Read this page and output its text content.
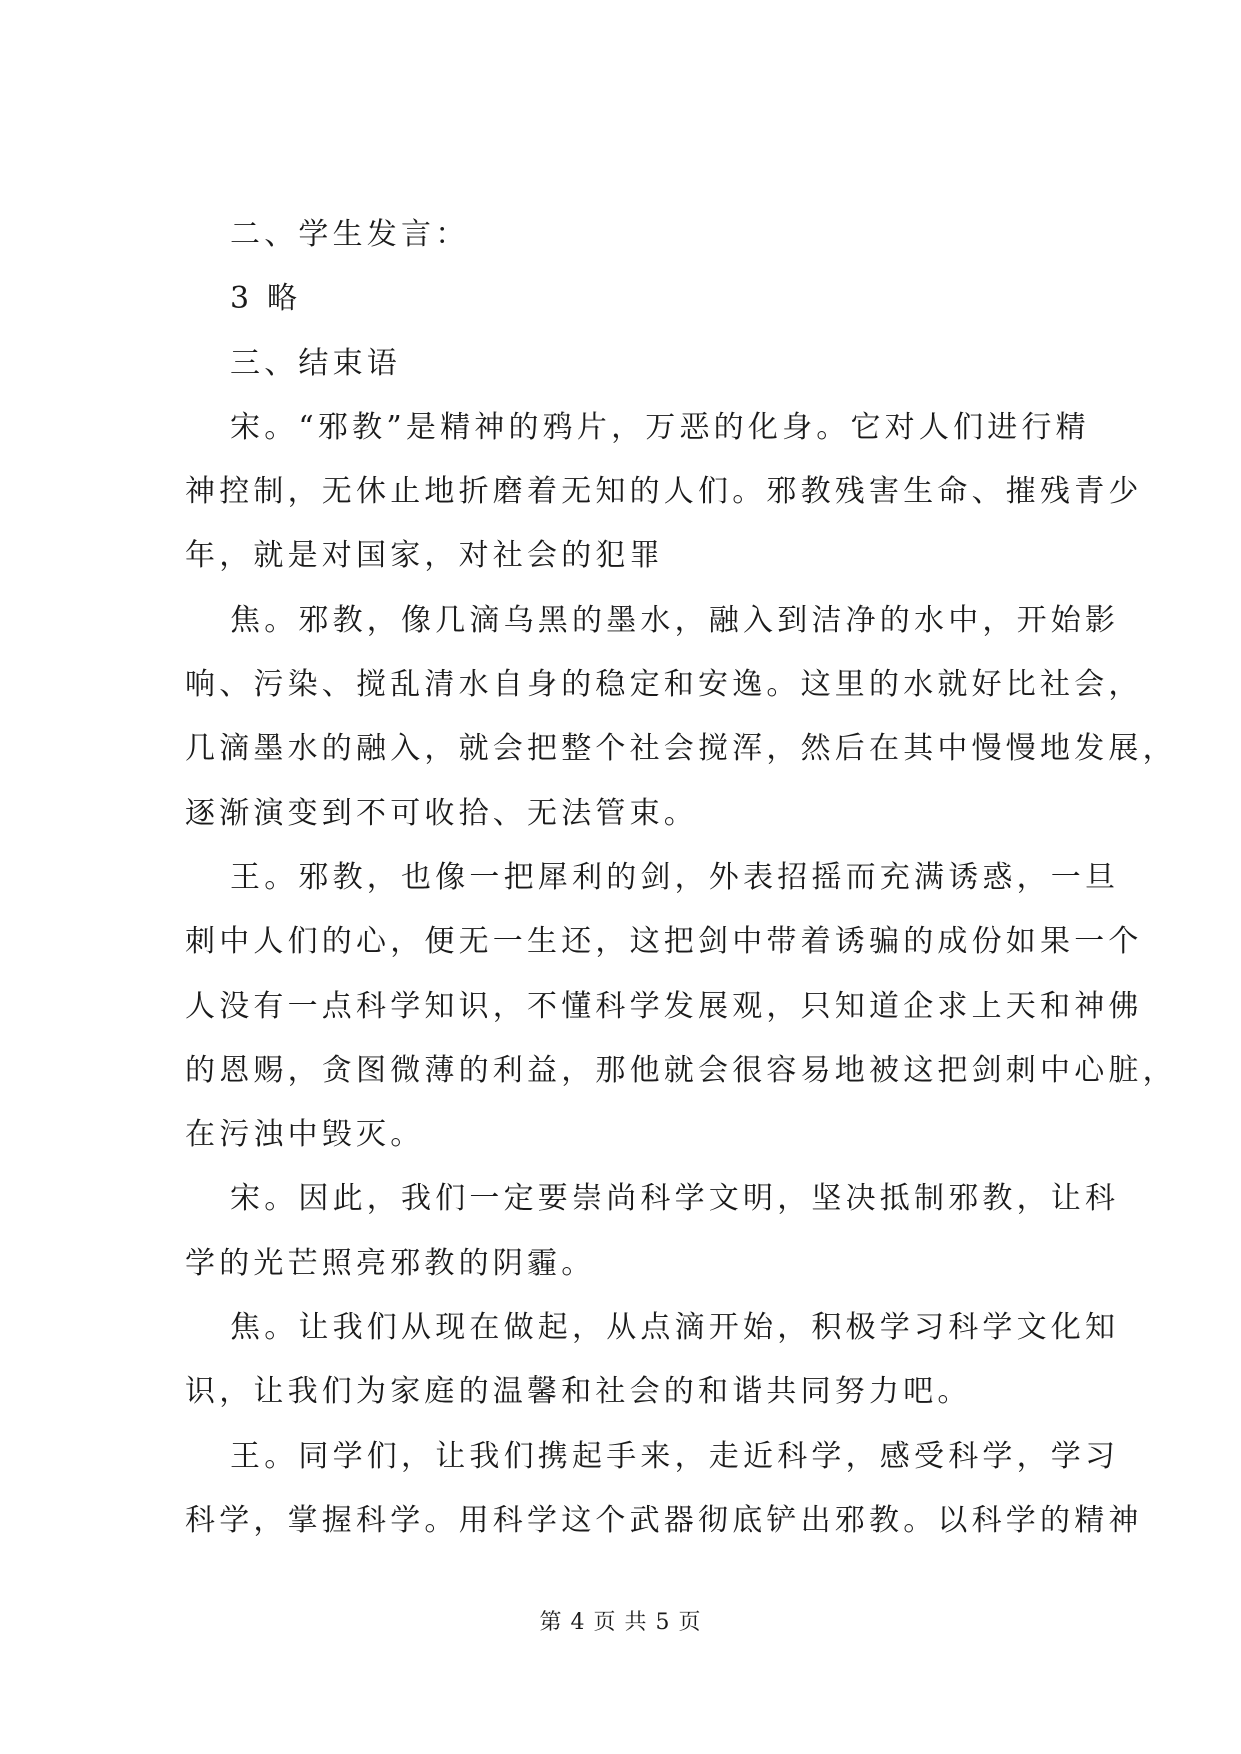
二、学生发言：

3 略

三、结束语

宋。“邪教”是精神的鸦片，万恶的化身。它对人们进行精

神控制，无休止地折磨着无知的人们。邪教残害生命、摧残青少

年，就是对国家，对社会的犯罪

焦。邪教，像几滴乌黑的墨水，融入到洁净的水中，开始影

响、污染、搅乱清水自身的稳定和安逸。这里的水就好比社会，

几滴墨水的融入，就会把整个社会搅浑，然后在其中慢慢地发展，

逐渐演变到不可收拾、无法管束。

王。邪教，也像一把犀利的剑，外表招摇而充满诱惑，一旦

刺中人们的心，便无一生还，这把剑中带着诱骗的成份如果一个

人没有一点科学知识，不懂科学发展观，只知道企求上天和神佛

的恩赐，贪图微薄的利益，那他就会很容易地被这把剑刺中心脏，

在污浊中毁灭。

宋。因此，我们一定要崇尚科学文明，坚决抵制邪教，让科

学的光芒照亮邪教的阴霾。

焦。让我们从现在做起，从点滴开始，积极学习科学文化知

识，让我们为家庭的温馨和社会的和谐共同努力吧。

王。同学们，让我们携起手来，走近科学，感受科学，学习

科学，掌握科学。用科学这个武器彻底铲出邪教。以科学的精神

第 4 页 共 5 页
